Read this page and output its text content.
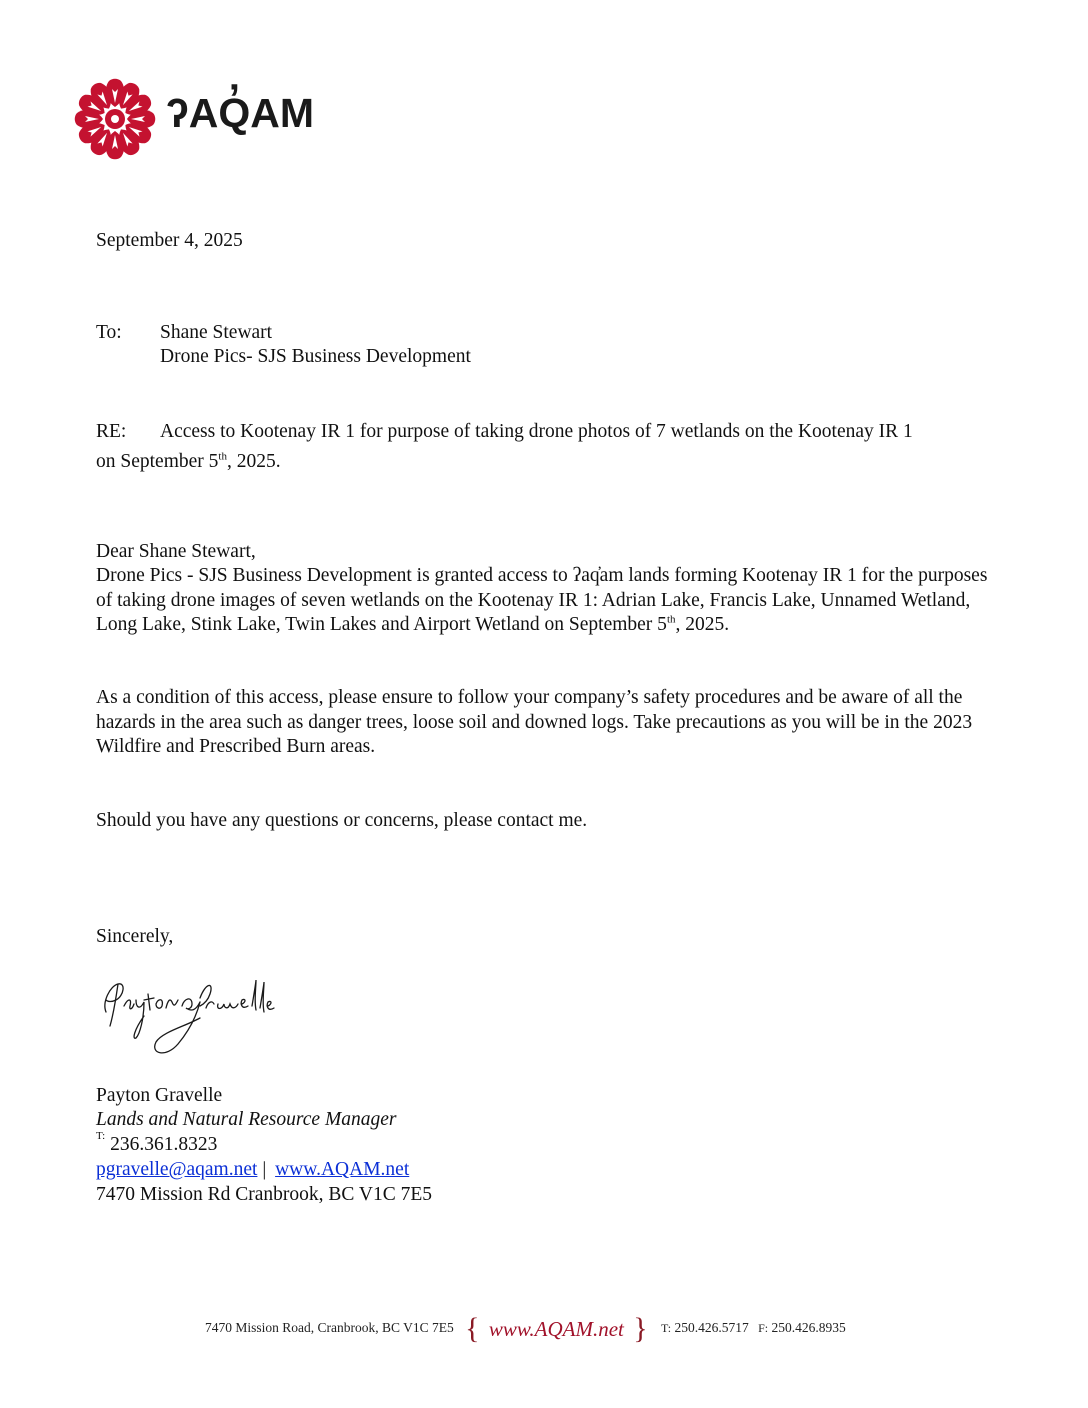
ʔAQ̓AM
September 4, 2025
To: Shane Stewart
Drone Pics- SJS Business Development
RE: Access to Kootenay IR 1 for purpose of taking drone photos of 7 wetlands on the Kootenay IR 1
on September 5th, 2025.
Dear Shane Stewart,
Drone Pics - SJS Business Development is granted access to ʔaq̓am lands forming Kootenay IR 1 for the purposes of taking drone images of seven wetlands on the Kootenay IR 1: Adrian Lake, Francis Lake, Unnamed Wetland, Long Lake, Stink Lake, Twin Lakes and Airport Wetland on September 5th, 2025.
As a condition of this access, please ensure to follow your company’s safety procedures and be aware of all the hazards in the area such as danger trees, loose soil and downed logs. Take precautions as you will be in the 2023 Wildfire and Prescribed Burn areas.
Should you have any questions or concerns, please contact me.
Sincerely,
Payton Gravelle
Lands and Natural Resource Manager
$^{T:}$ 236.361.8323
pgravelle@aqam.net | www.AQAM.net
7470 Mission Rd Cranbrook, BC V1C 7E5
7470 Mission Road, Cranbrook, BC V1C 7E5 { www.AQAM.net } T: 250.426.5717 F: 250.426.8935
